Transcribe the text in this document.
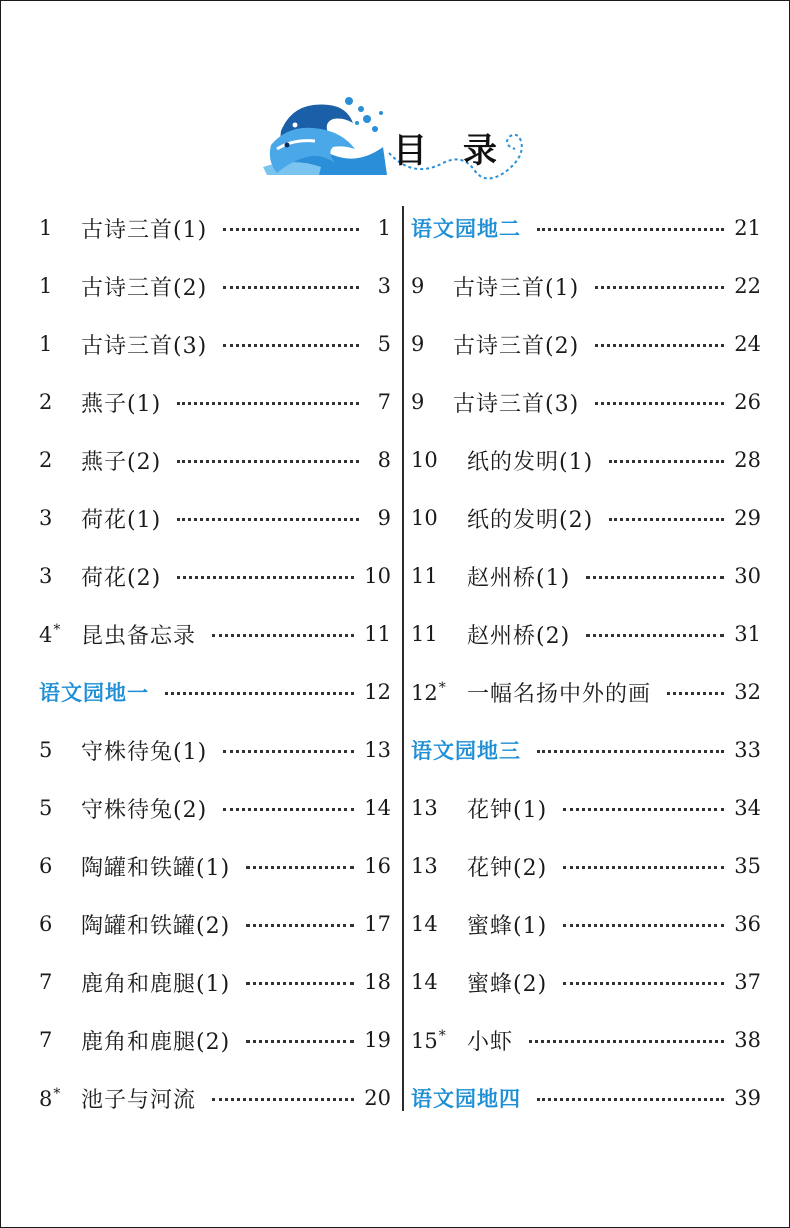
目录
1	古诗三首(1)	1
1	古诗三首(2)	3
1	古诗三首(3)	5
2	燕子(1)	7
2	燕子(2)	8
3	荷花(1)	9
3	荷花(2)	10
4* 昆虫备忘录	11
语文园地一	12
5	守株待兔(1)	13
5	守株待兔(2)	14
6	陶罐和铁罐(1)	16
6	陶罐和铁罐(2)	17
7	鹿角和鹿腿(1)	18
7	鹿角和鹿腿(2)	19
8* 池子与河流	20
语文园地二	21
9	古诗三首(1)	22
9	古诗三首(2)	24
9	古诗三首(3)	26
10	纸的发明(1)	28
10	纸的发明(2)	29
11	赵州桥(1)	30
11	赵州桥(2)	31
12* 一幅名扬中外的画	32
语文园地三	33
13	花钟(1)	34
13	花钟(2)	35
14	蜜蜂(1)	36
14	蜜蜂(2)	37
15* 小虾	38
语文园地四	39
